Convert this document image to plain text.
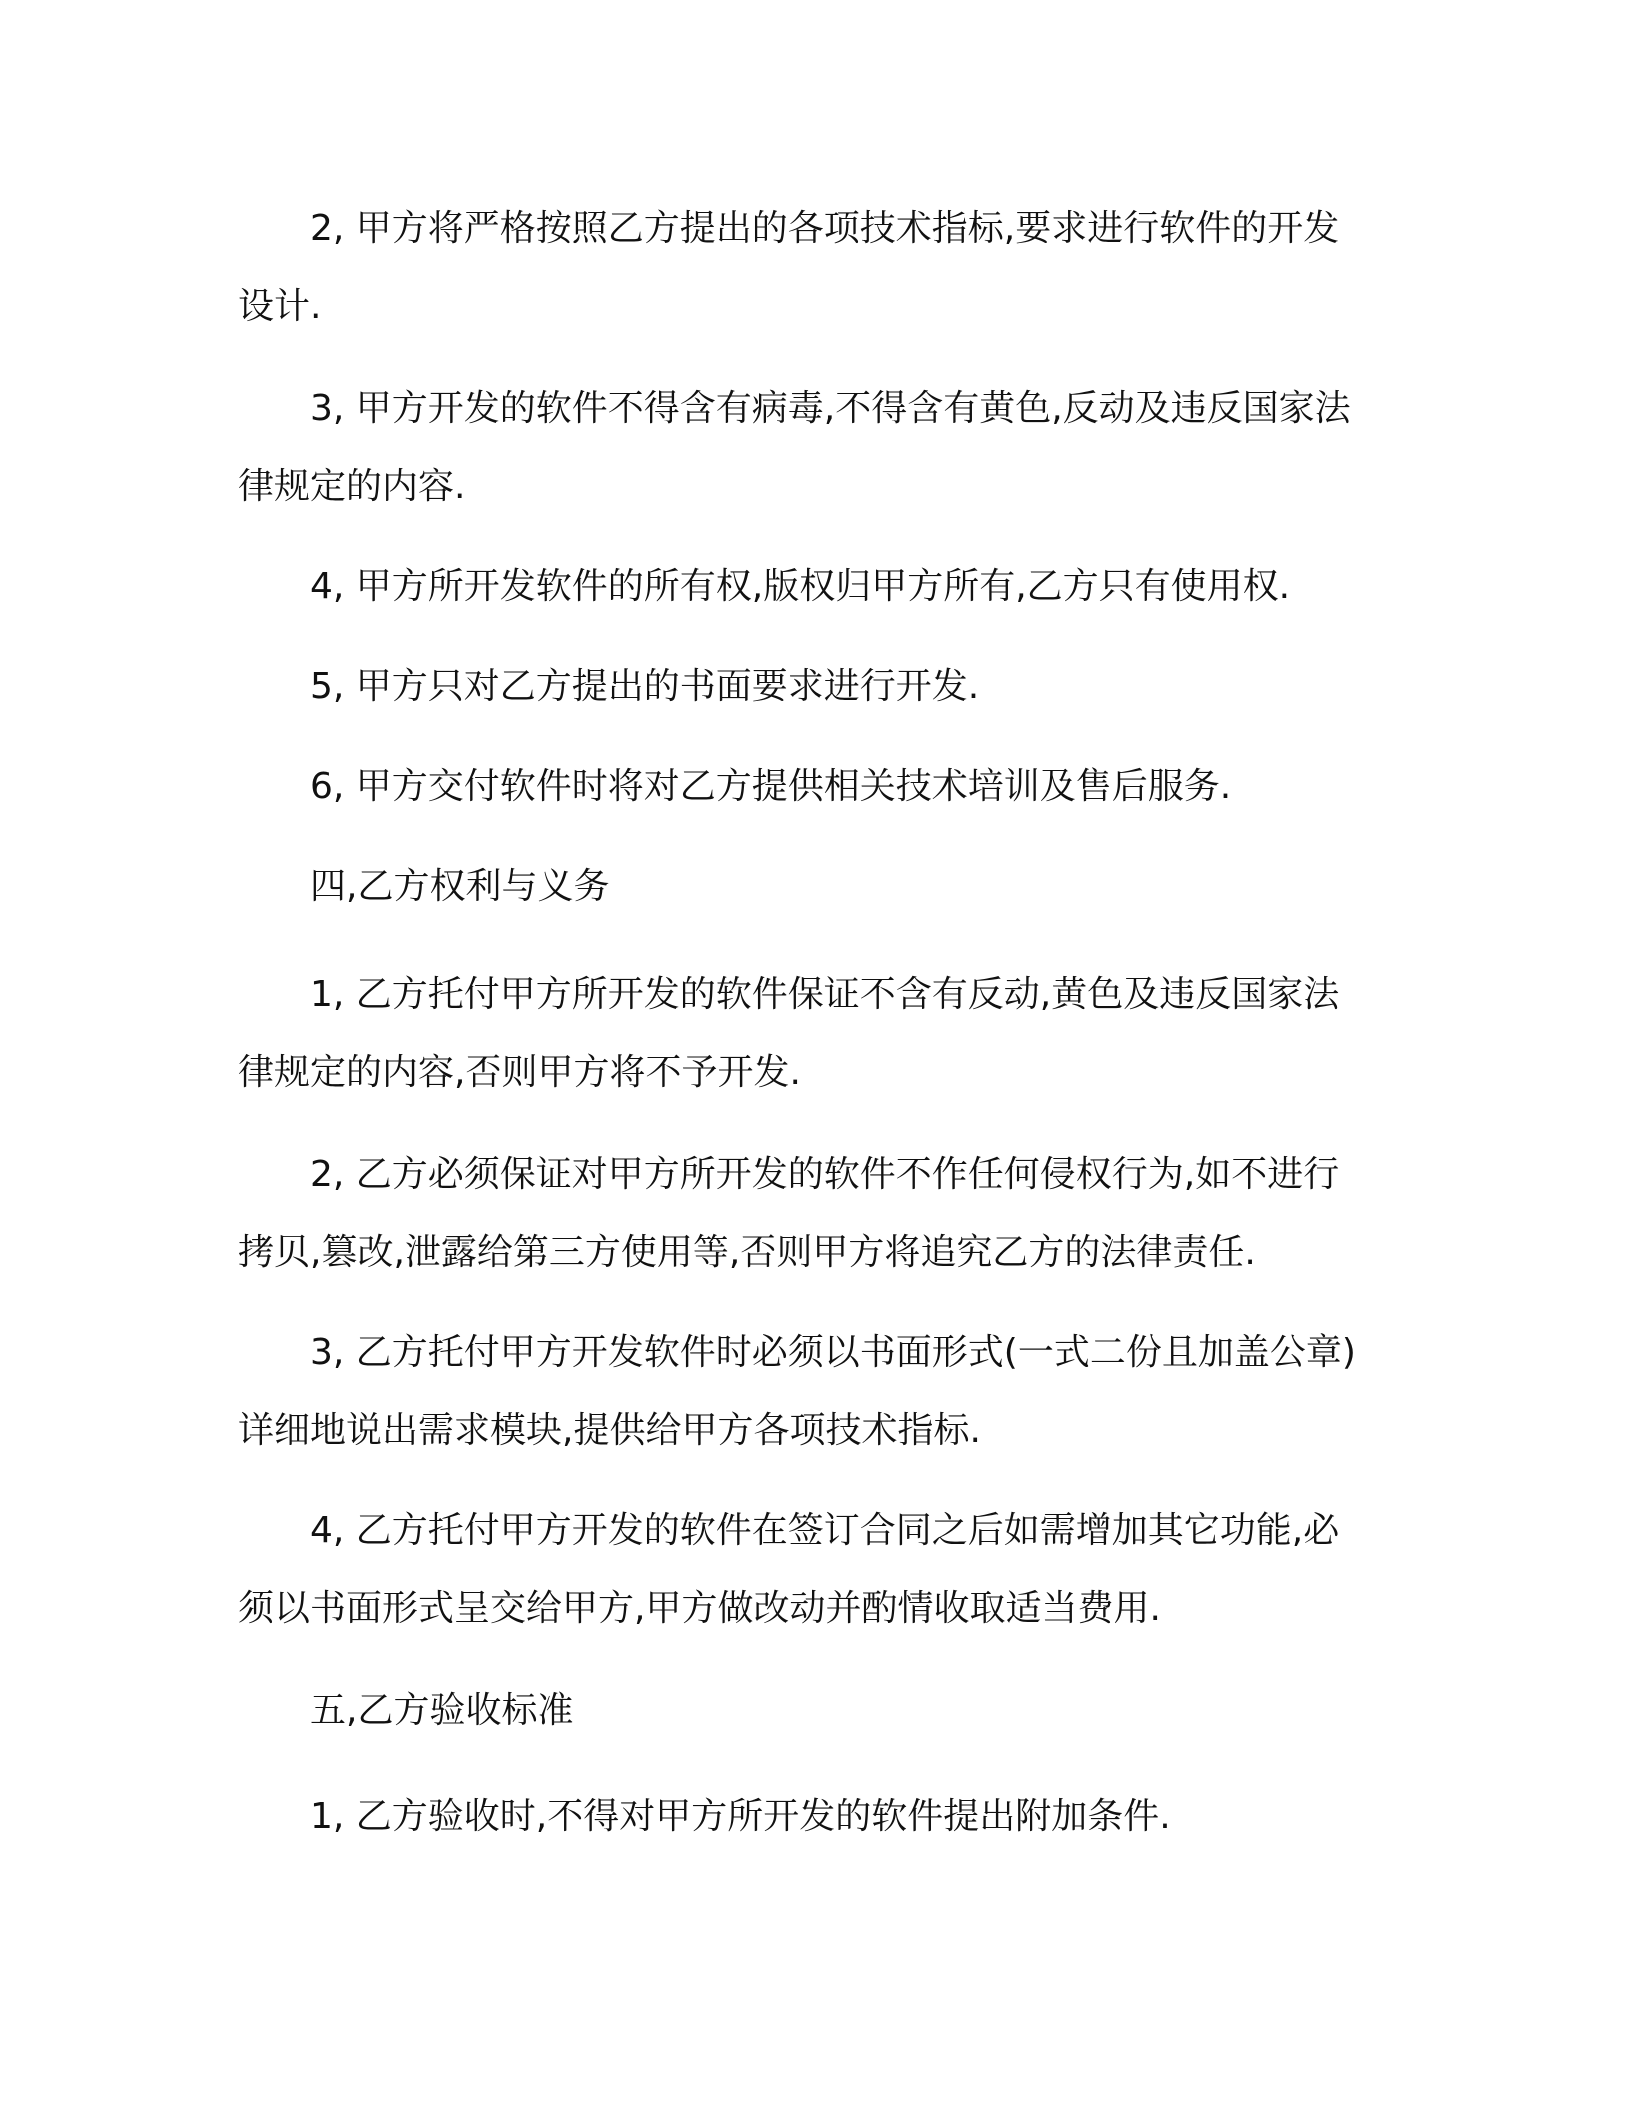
　　2, 甲方将严格按照乙方提出的各项技术指标,要求进行软件的开发设计.
　　3, 甲方开发的软件不得含有病毒,不得含有黄色,反动及违反国家法律规定的内容.
　　4, 甲方所开发软件的所有权,版权归甲方所有,乙方只有使用权.
　　5, 甲方只对乙方提出的书面要求进行开发.
　　6, 甲方交付软件时将对乙方提供相关技术培训及售后服务.
　　四,乙方权利与义务
　　1, 乙方托付甲方所开发的软件保证不含有反动,黄色及违反国家法律规定的内容,否则甲方将不予开发.
　　2, 乙方必须保证对甲方所开发的软件不作任何侵权行为,如不进行拷贝,篡改,泄露给第三方使用等,否则甲方将追究乙方的法律责任.
　　3, 乙方托付甲方开发软件时必须以书面形式(一式二份且加盖公章)详细地说出需求模块,提供给甲方各项技术指标.
　　4, 乙方托付甲方开发的软件在签订合同之后如需增加其它功能,必须以书面形式呈交给甲方,甲方做改动并酌情收取适当费用.
　　五,乙方验收标准
　　1, 乙方验收时,不得对甲方所开发的软件提出附加条件.
